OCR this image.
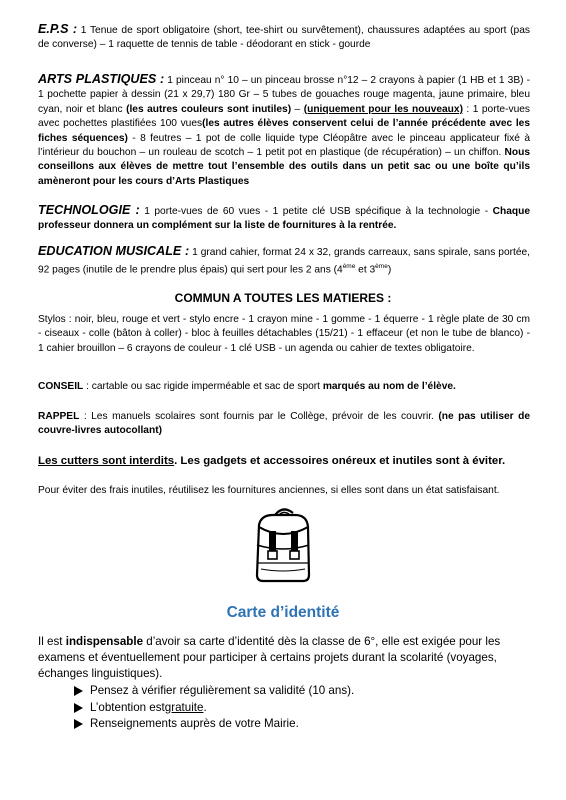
E.P.S : 1 Tenue de sport obligatoire (short, tee-shirt ou survêtement), chaussures adaptées au sport (pas de converse) – 1 raquette de tennis de table - déodorant en stick - gourde
ARTS PLASTIQUES : 1 pinceau n° 10 – un pinceau brosse n°12 – 2 crayons à papier (1 HB et 1 3B) - 1 pochette papier à dessin (21 x 29,7) 180 Gr – 5 tubes de gouaches rouge magenta, jaune primaire, bleu cyan, noir et blanc (les autres couleurs sont inutiles) – (uniquement pour les nouveaux) : 1 porte-vues avec pochettes plastifiées 100 vues(les autres élèves conservent celui de l’année précédente avec les fiches séquences) - 8 feutres – 1 pot de colle liquide type Cléopâtre avec le pinceau applicateur fixé à l’intérieur du bouchon – un rouleau de scotch – 1 petit pot en plastique (de récupération) – un chiffon. Nous conseillons aux élèves de mettre tout l’ensemble des outils dans un petit sac ou une boîte qu’ils amèneront pour les cours d’Arts Plastiques
TECHNOLOGIE : 1 porte-vues de 60 vues - 1 petite clé USB spécifique à la technologie - Chaque professeur donnera un complément sur la liste de fournitures à la rentrée.
EDUCATION MUSICALE : 1 grand cahier, format 24 x 32, grands carreaux, sans spirale, sans portée, 92 pages (inutile de le prendre plus épais) qui sert pour les 2 ans (4ème et 3ème)
COMMUN A TOUTES LES MATIERES :
Stylos : noir, bleu, rouge et vert - stylo encre - 1 crayon mine - 1 gomme - 1 équerre - 1 règle plate de 30 cm - ciseaux - colle (bâton à coller) - bloc à feuilles détachables (15/21) - 1 effaceur (et non le tube de blanco) - 1 cahier brouillon – 6 crayons de couleur - 1 clé USB - un agenda ou cahier de textes obligatoire.
CONSEIL : cartable ou sac rigide imperméable et sac de sport marqués au nom de l’élève.
RAPPEL : Les manuels scolaires sont fournis par le Collège, prévoir de les couvrir. (ne pas utiliser de couvre-livres autocollant)
Les cutters sont interdits. Les gadgets et accessoires onéreux et inutiles sont à éviter.
Pour éviter des frais inutiles, réutilisez les fournitures anciennes, si elles sont dans un état satisfaisant.
Carte d’identité
Il est indispensable d’avoir sa carte d’identité dès la classe de 6°, elle est exigée pour les examens et éventuellement pour participer à certains projets durant la scolarité (voyages, échanges linguistiques).
Pensez à vérifier régulièrement sa validité (10 ans).
L’obtention est gratuite .
Renseignements auprès de votre Mairie.
